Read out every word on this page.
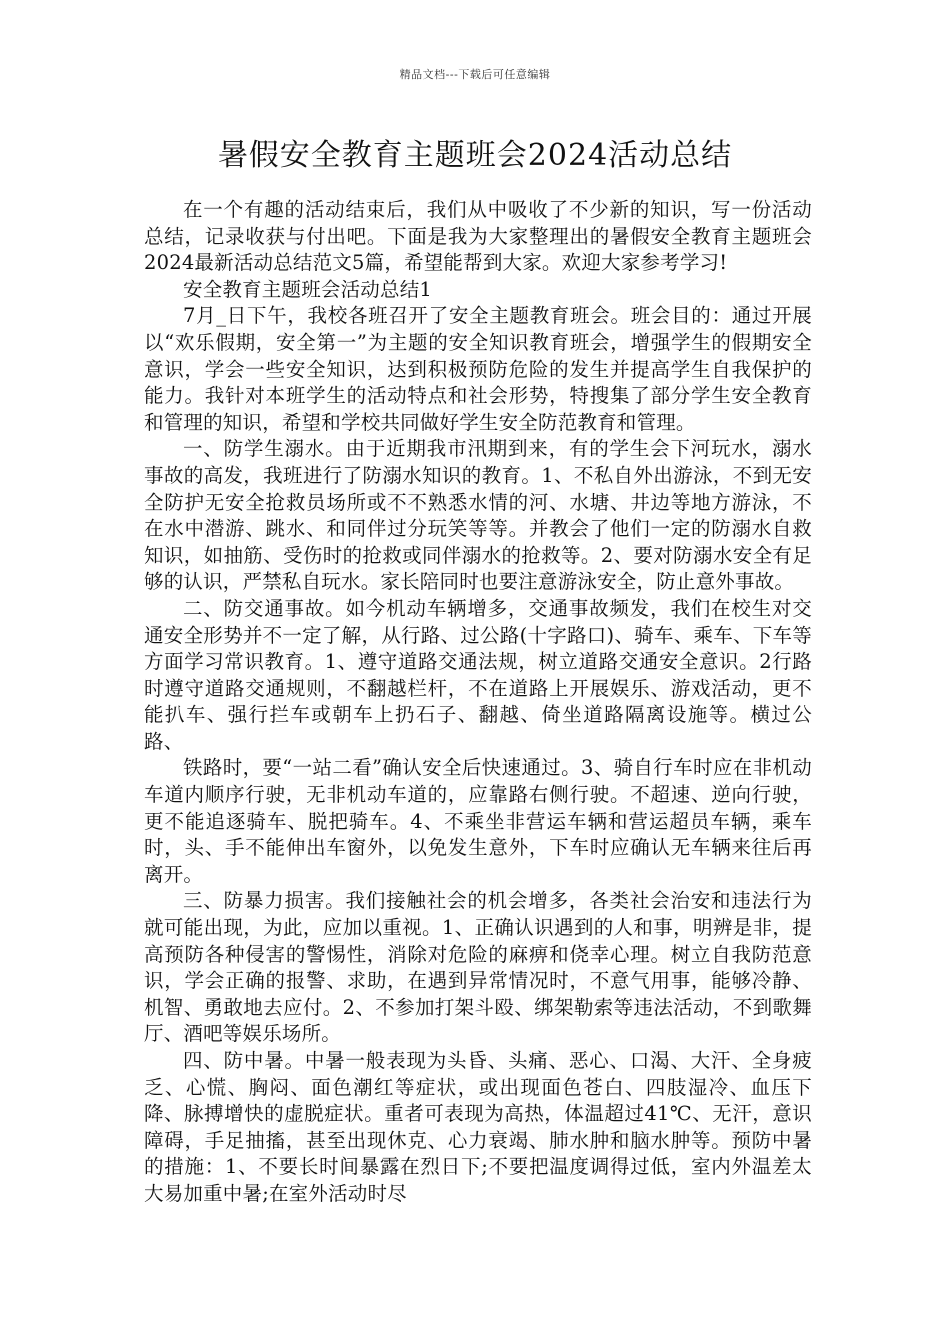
精品文档---下载后可任意编辑
暑假安全教育主题班会2024活动总结

在一个有趣的活动结束后，我们从中吸收了不少新的知识，写一份活动总结，记录收获与付出吧。下面是我为大家整理出的暑假安全教育主题班会2024最新活动总结范文5篇，希望能帮到大家。欢迎大家参考学习!

安全教育主题班会活动总结1

7月_日下午，我校各班召开了安全主题教育班会。班会目的：通过开展以“欢乐假期，安全第一”为主题的安全知识教育班会，增强学生的假期安全意识，学会一些安全知识，达到积极预防危险的发生并提高学生自我保护的能力。我针对本班学生的活动特点和社会形势，特搜集了部分学生安全教育和管理的知识，希望和学校共同做好学生安全防范教育和管理。

一、防学生溺水。由于近期我市汛期到来，有的学生会下河玩水，溺水事故的高发，我班进行了防溺水知识的教育。1、不私自外出游泳，不到无安全防护无安全抢救员场所或不不熟悉水情的河、水塘、井边等地方游泳，不在水中潜游、跳水、和同伴过分玩笑等等。并教会了他们一定的防溺水自救知识，如抽筋、受伤时的抢救或同伴溺水的抢救等。2、要对防溺水安全有足够的认识，严禁私自玩水。家长陪同时也要注意游泳安全，防止意外事故。

二、防交通事故。如今机动车辆增多，交通事故频发，我们在校生对交通安全形势并不一定了解，从行路、过公路(十字路口)、骑车、乘车、下车等方面学习常识教育。1、遵守道路交通法规，树立道路交通安全意识。2行路时遵守道路交通规则，不翻越栏杆，不在道路上开展娱乐、游戏活动，更不能扒车、强行拦车或朝车上扔石子、翻越、倚坐道路隔离设施等。横过公路、

铁路时，要“一站二看”确认安全后快速通过。3、骑自行车时应在非机动车道内顺序行驶，无非机动车道的，应靠路右侧行驶。不超速、逆向行驶，更不能追逐骑车、脱把骑车。4、不乘坐非营运车辆和营运超员车辆，乘车时，头、手不能伸出车窗外，以免发生意外，下车时应确认无车辆来往后再离开。

三、防暴力损害。我们接触社会的机会增多，各类社会治安和违法行为就可能出现，为此，应加以重视。1、正确认识遇到的人和事，明辨是非，提高预防各种侵害的警惕性，消除对危险的麻痹和侥幸心理。树立自我防范意识，学会正确的报警、求助，在遇到异常情况时，不意气用事，能够冷静、机智、勇敢地去应付。2、不参加打架斗殴、绑架勒索等违法活动，不到歌舞厅、酒吧等娱乐场所。

四、防中暑。中暑一般表现为头昏、头痛、恶心、口渴、大汗、全身疲乏、心慌、胸闷、面色潮红等症状，或出现面色苍白、四肢湿冷、血压下降、脉搏增快的虚脱症状。重者可表现为高热，体温超过41℃、无汗，意识障碍，手足抽搐，甚至出现休克、心力衰竭、肺水肿和脑水肿等。预防中暑的措施：1、不要长时间暴露在烈日下;不要把温度调得过低，室内外温差太大易加重中暑;在室外活动时尽
